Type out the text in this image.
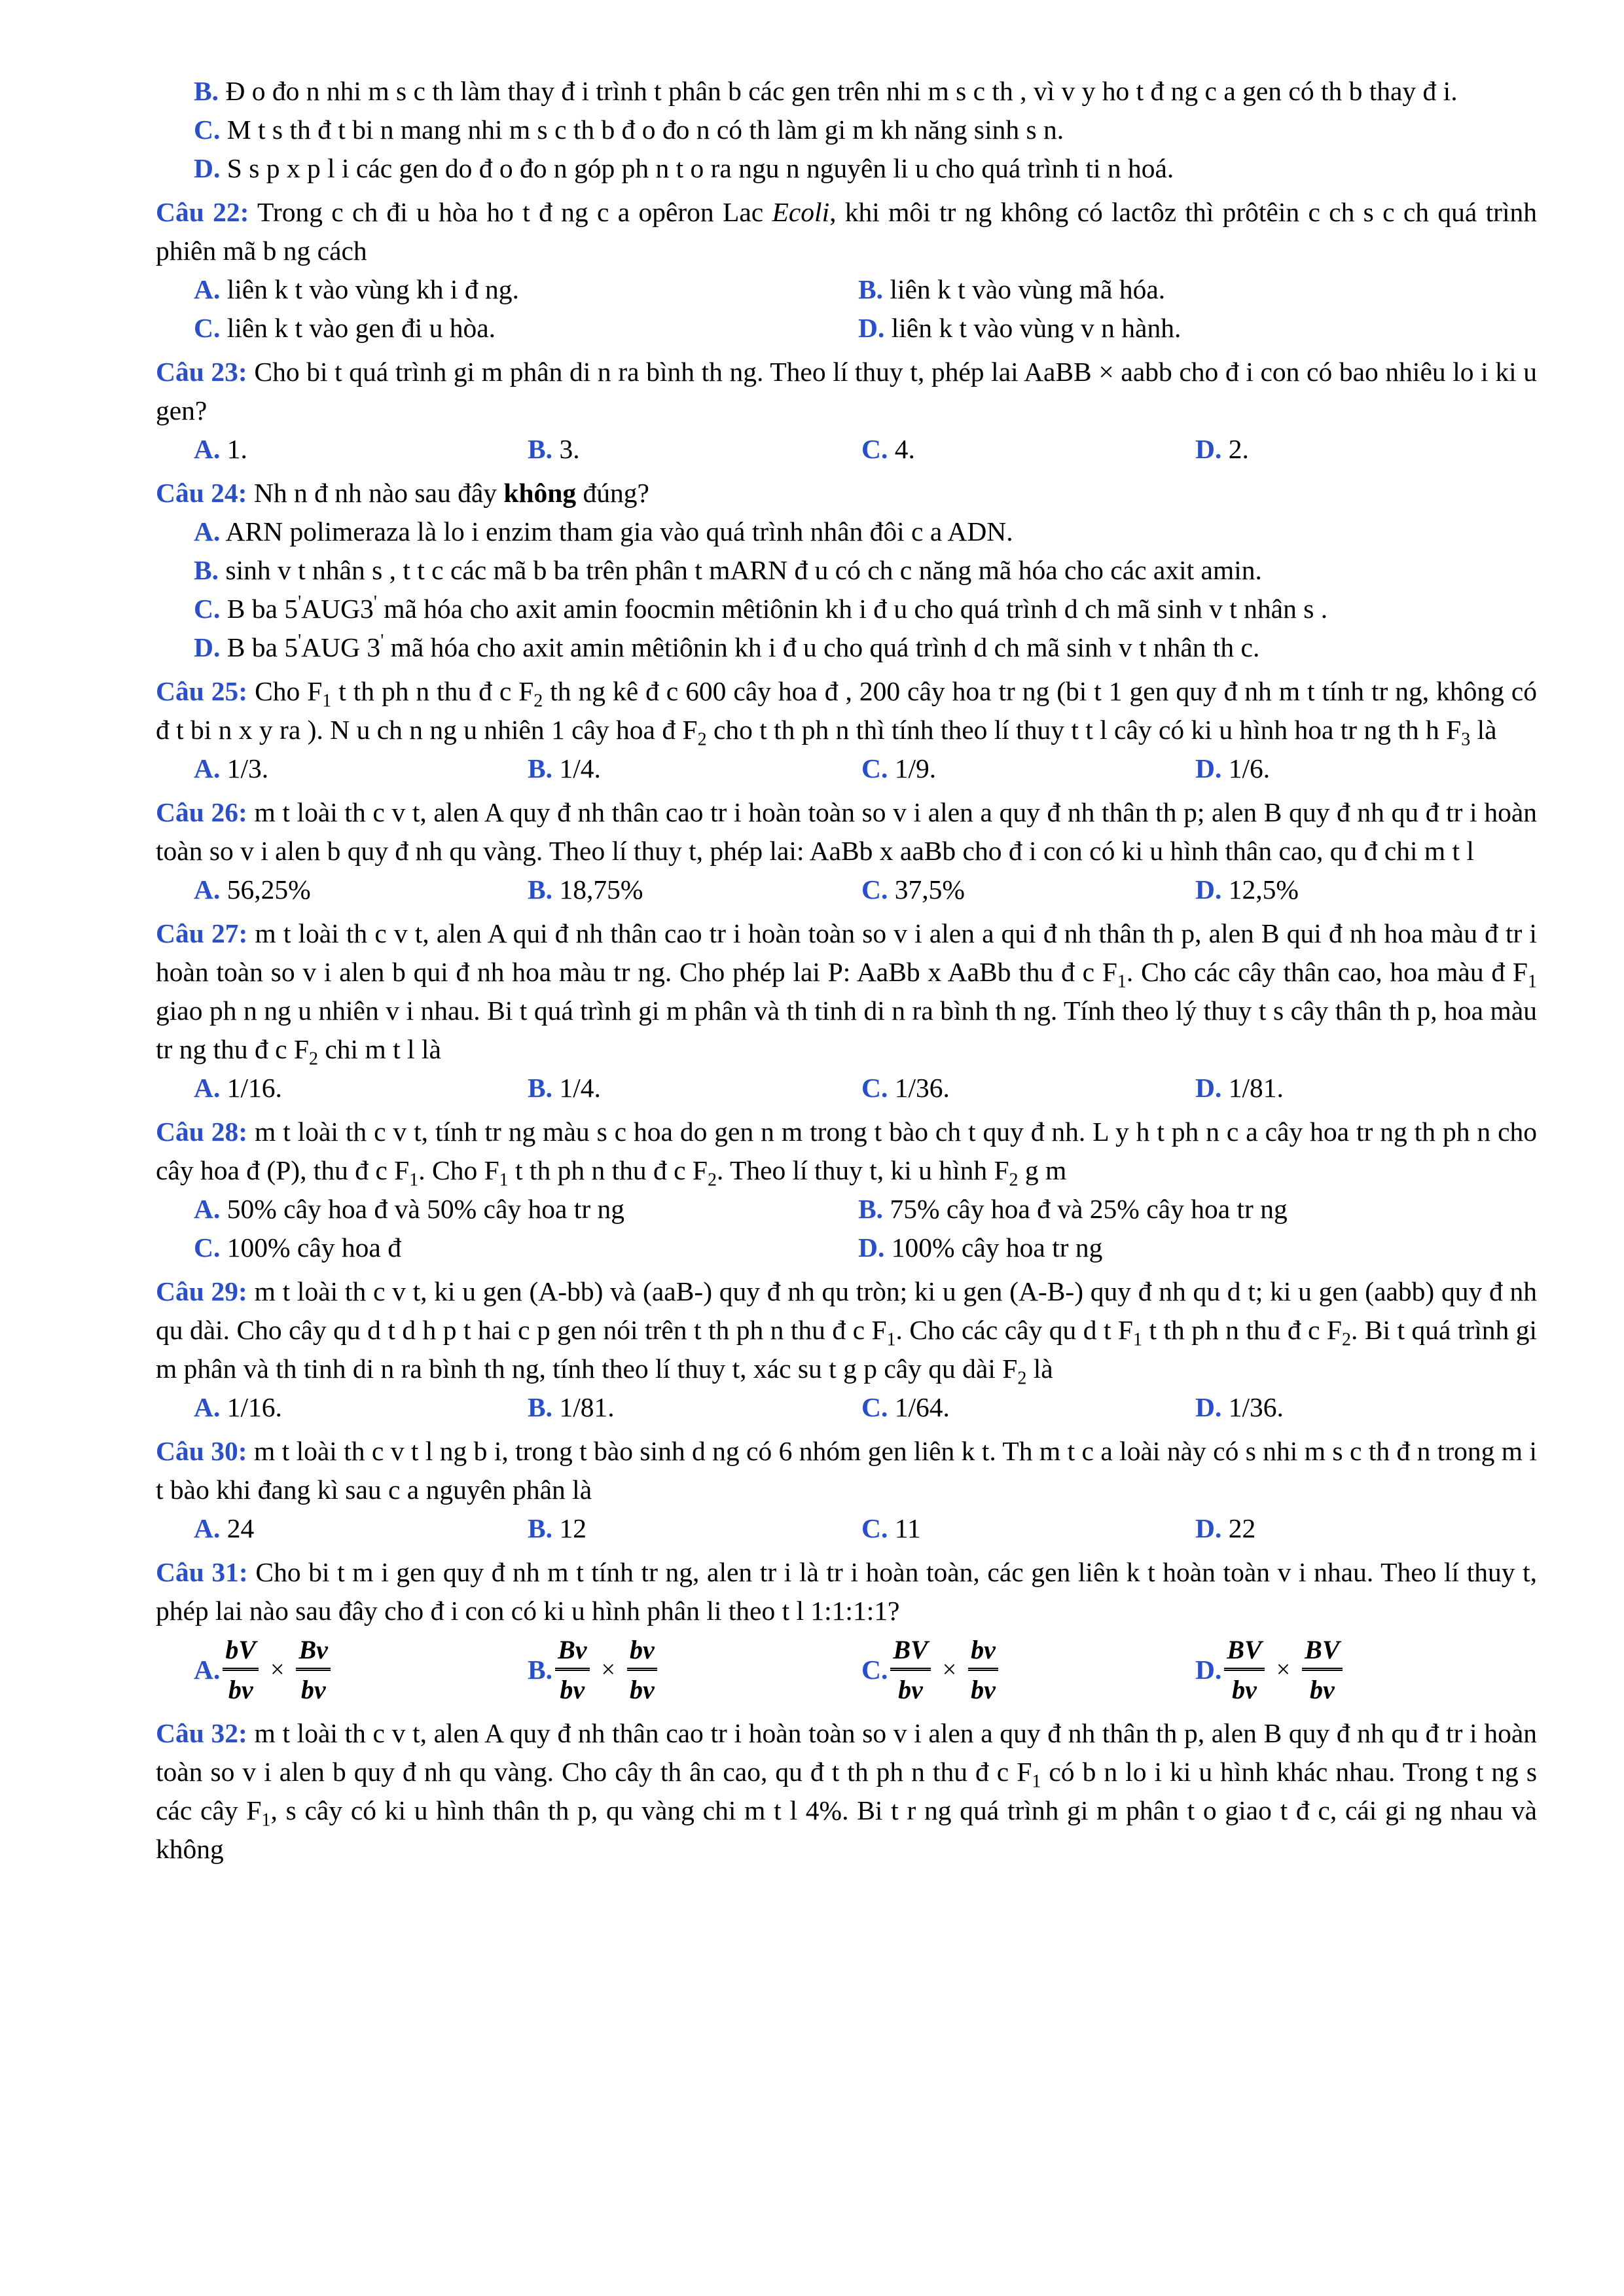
B. Đ o đo n nhi m s c th làm thay đ i trình t phân b các gen trên nhi m s c th , vì v y ho t đ ng c a gen có th b thay đ i.

C. M t s th đ t bi n mang nhi m s c th b đ o đo n có th làm gi m kh năng sinh s n.

D. S s p x p l i các gen do đ o đo n góp ph n t o ra ngu n nguyên li u cho quá trình ti n hoá.

Câu 22: Trong c ch đi u hòa ho t đ ng c a opêron Lac Ecoli, khi môi tr ng không có lactôz thì prôtêin c ch s c ch quá trình phiên mã b ng cách

A. liên k t vào vùng kh i đ ng.	B. liên k t vào vùng mã hóa.
C. liên k t vào gen đi u hòa.	D. liên k t vào vùng v n hành.

Câu 23: Cho bi t quá trình gi m phân di n ra bình th ng. Theo lí thuy t, phép lai AaBB × aabb cho đ i con có bao nhiêu lo i ki u gen?

A. 1.	B. 3.	C. 4.	D. 2.

Câu 24: Nh n đ nh nào sau đây không đúng?

A. ARN polimeraza là lo i enzim tham gia vào quá trình nhân đôi c a ADN.

B. sinh v t nhân s , t t c các mã b ba trên phân t mARN đ u có ch c năng mã hóa cho các axit amin.

C. B ba 5'AUG3' mã hóa cho axit amin foocmin mêtiônin kh i đ u cho quá trình d ch mã sinh v t nhân s .

D. B ba 5'AUG 3' mã hóa cho axit amin mêtiônin kh i đ u cho quá trình d ch mã sinh v t nhân th c.

Câu 25: Cho $F_1$ t th ph n thu đ c $F_2$ th ng kê đ c 600 cây hoa đ , 200 cây hoa tr ng (bi t 1 gen quy đ nh m t tính tr ng, không có đ t bi n x y ra ). N u ch n ng u nhiên 1 cây hoa đ $F_2$ cho t th ph n thì tính theo lí thuy t t l cây có ki u hình hoa tr ng th h $F_3$ là

A. 1/3.	B. 1/4.	C. 1/9.	D. 1/6.

Câu 26: m t loài th c v t, alen A quy đ nh thân cao tr i hoàn toàn so v i alen a quy đ nh thân th p; alen B quy đ nh qu đ tr i hoàn toàn so v i alen b quy đ nh qu vàng. Theo lí thuy t, phép lai: AaBb x aaBb cho đ i con có ki u hình thân cao, qu đ chi m t l

A. 56,25%	B. 18,75%	C. 37,5%	D. 12,5%

Câu 27: m t loài th c v t, alen A qui đ nh thân cao tr i hoàn toàn so v i alen a qui đ nh thân th p, alen B qui đ nh hoa màu đ tr i hoàn toàn so v i alen b qui đ nh hoa màu tr ng. Cho phép lai P: AaBb x AaBb thu đ c $F_1$. Cho các cây thân cao, hoa màu đ $F_1$ giao ph n ng u nhiên v i nhau. Bi t quá trình gi m phân và th tinh di n ra bình th ng. Tính theo lý thuy t s cây thân th p, hoa màu tr ng thu đ c $F_2$ chi m t l là

A. 1/16.	B. 1/4.	C. 1/36.	D. 1/81.

Câu 28: m t loài th c v t, tính tr ng màu s c hoa do gen n m trong t bào ch t quy đ nh. L y h t ph n c a cây hoa tr ng th ph n cho cây hoa đ (P), thu đ c $F_1$. Cho $F_1$ t th ph n thu đ c $F_2$. Theo lí thuy t, ki u hình $F_2$ g m

A. 50% cây hoa đ và 50% cây hoa tr ng	B. 75% cây hoa đ và 25% cây hoa tr ng
C. 100% cây hoa đ	D. 100% cây hoa tr ng

Câu 29: m t loài th c v t, ki u gen (A-bb) và (aaB-) quy đ nh qu tròn; ki u gen (A-B-) quy đ nh qu d t; ki u gen (aabb) quy đ nh qu dài. Cho cây qu d t d h p t hai c p gen nói trên t th ph n thu đ c $F_1$. Cho các cây qu d t $F_1$ t th ph n thu đ c $F_2$. Bi t quá trình gi m phân và th tinh di n ra bình th ng, tính theo lí thuy t, xác su t g p cây qu dài $F_2$ là

A. 1/16.	B. 1/81.	C. 1/64.	D. 1/36.

Câu 30: m t loài th c v t l ng b i, trong t bào sinh d ng có 6 nhóm gen liên k t. Th m t c a loài này có s nhi m s c th đ n trong m i t bào khi đang kì sau c a nguyên phân là

A. 24	B. 12	C. 11	D. 22

Câu 31: Cho bi t m i gen quy đ nh m t tính tr ng, alen tr i là tr i hoàn toàn, các gen liên k t hoàn toàn v i nhau. Theo lí thuy t, phép lai nào sau đây cho đ i con có ki u hình phân li theo t l 1:1:1:1?

A.
bV
bv
×
Bv
bv
B.
Bv
bv
×
bv
bv
C.
BV
bv
×
bv
bv
D.
BV
bv
×
BV
bv

Câu 32: m t loài th c v t, alen A quy đ nh thân cao tr i hoàn toàn so v i alen a quy đ nh thân th p, alen B quy đ nh qu đ tr i hoàn toàn so v i alen b quy đ nh qu vàng. Cho cây th ân cao, qu đ t th ph n thu đ c $F_1$ có b n lo i ki u hình khác nhau. Trong t ng s các cây $F_1$, s cây có ki u hình thân th p, qu vàng chi m t l 4%. Bi t r ng quá trình gi m phân t o giao t đ c, cái gi ng nhau và không
